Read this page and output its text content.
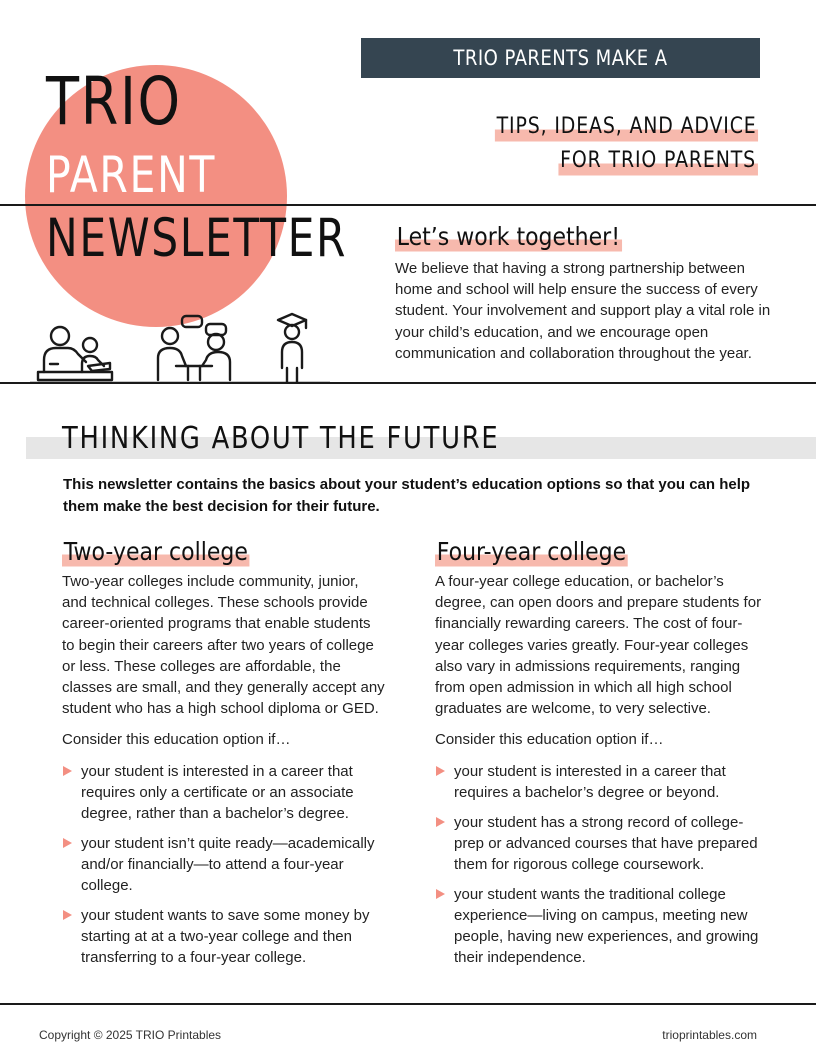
TRIO
PARENT
NEWSLETTER
TRIO PARENTS MAKE A DIFFERENCE!
TIPS, IDEAS, AND ADVICE
FOR TRIO PARENTS
Let’s work together!
We believe that having a strong partnership between home and school will help ensure the success of every student. Your involvement and support play a vital role in your child’s education, and we encourage open communication and collaboration throughout the year.
THINKING ABOUT THE FUTURE
This newsletter contains the basics about your student’s education options so that you can help them make the best decision for their future.
Two-year college

Two-year colleges include community, junior, and technical colleges. These schools provide career-oriented programs that enable students to begin their careers after two years of college or less. These colleges are affordable, the classes are small, and they generally accept any student who has a high school diploma or GED.

Consider this education option if…

your student is interested in a career that requires only a certificate or an associate degree, rather than a bachelor’s degree.
your student isn’t quite ready—academically and/or financially—to attend a four-year college.
your student wants to save some money by starting at at a two-year college and then transferring to a four-year college.
Four-year college

A four-year college education, or bachelor’s degree, can open doors and prepare students for financially rewarding careers. The cost of four-year colleges varies greatly. Four-year colleges also vary in admissions requirements, ranging from open admission in which all high school graduates are welcome, to very selective.

Consider this education option if…

your student is interested in a career that requires a bachelor’s degree or beyond.
your student has a strong record of college-prep or advanced courses that have prepared them for rigorous college coursework.
your student wants the traditional college experience—living on campus, meeting new people, having new experiences, and growing their independence.
Copyright © 2025 TRIO Printables	trioprintables.com
